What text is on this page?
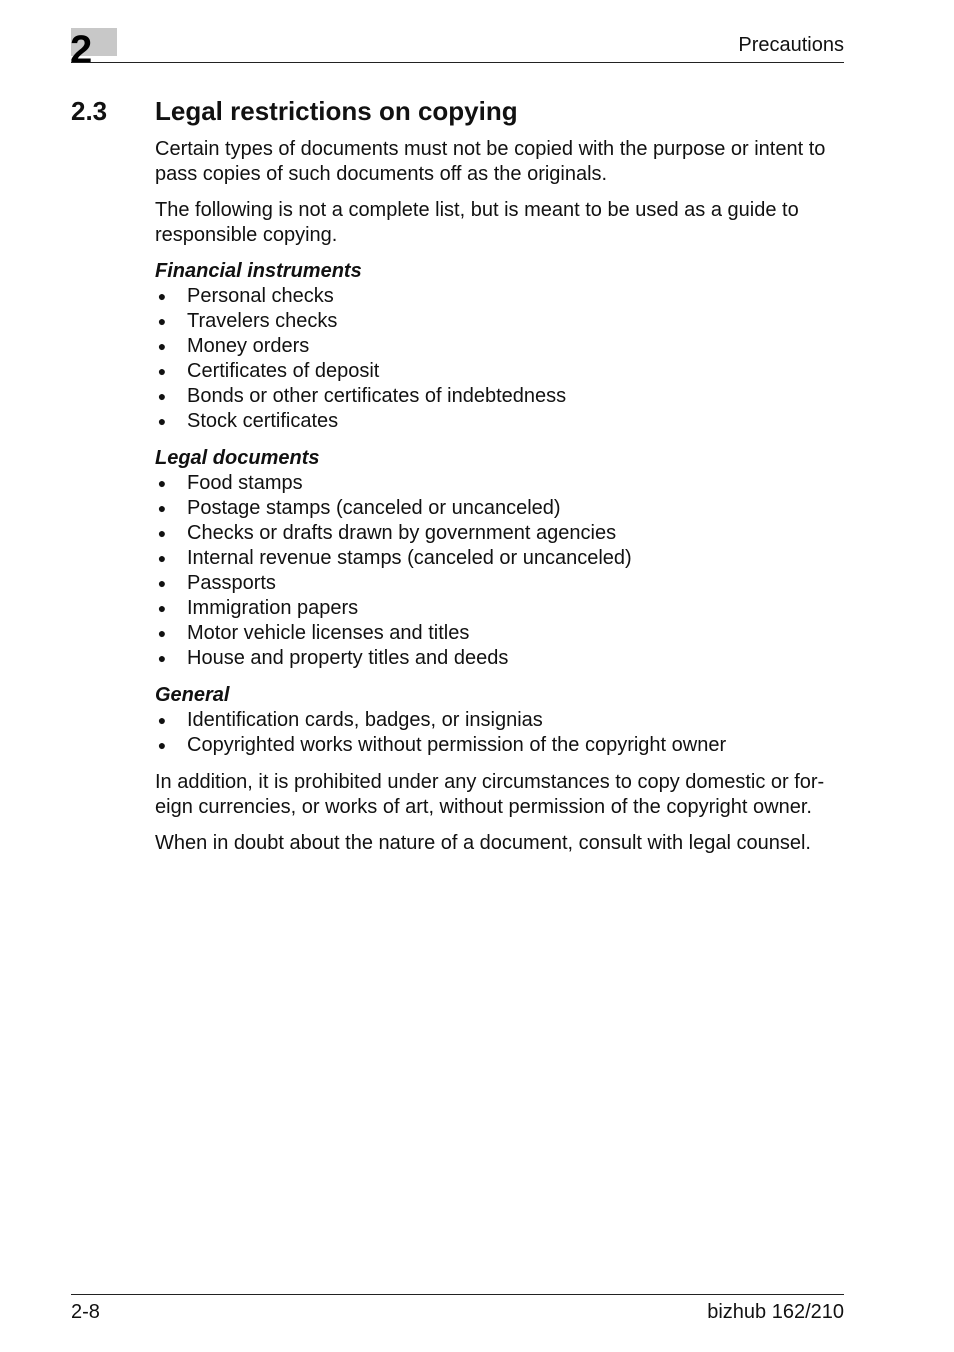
2	Precautions
2.3 Legal restrictions on copying

Certain types of documents must not be copied with the purpose or intent to
pass copies of such documents off as the originals.

The following is not a complete list, but is meant to be used as a guide to
responsible copying.

Financial instruments

● Personal checks
● Travelers checks
● Money orders
● Certificates of deposit
● Bonds or other certificates of indebtedness
● Stock certificates

Legal documents

● Food stamps
● Postage stamps (canceled or uncanceled)
● Checks or drafts drawn by government agencies
● Internal revenue stamps (canceled or uncanceled)
● Passports
● Immigration papers
● Motor vehicle licenses and titles
● House and property titles and deeds

General

● Identification cards, badges, or insignias
● Copyrighted works without permission of the copyright owner

In addition, it is prohibited under any circumstances to copy domestic or for-
eign currencies, or works of art, without permission of the copyright owner.

When in doubt about the nature of a document, consult with legal counsel.

2-8	bizhub 162/210
